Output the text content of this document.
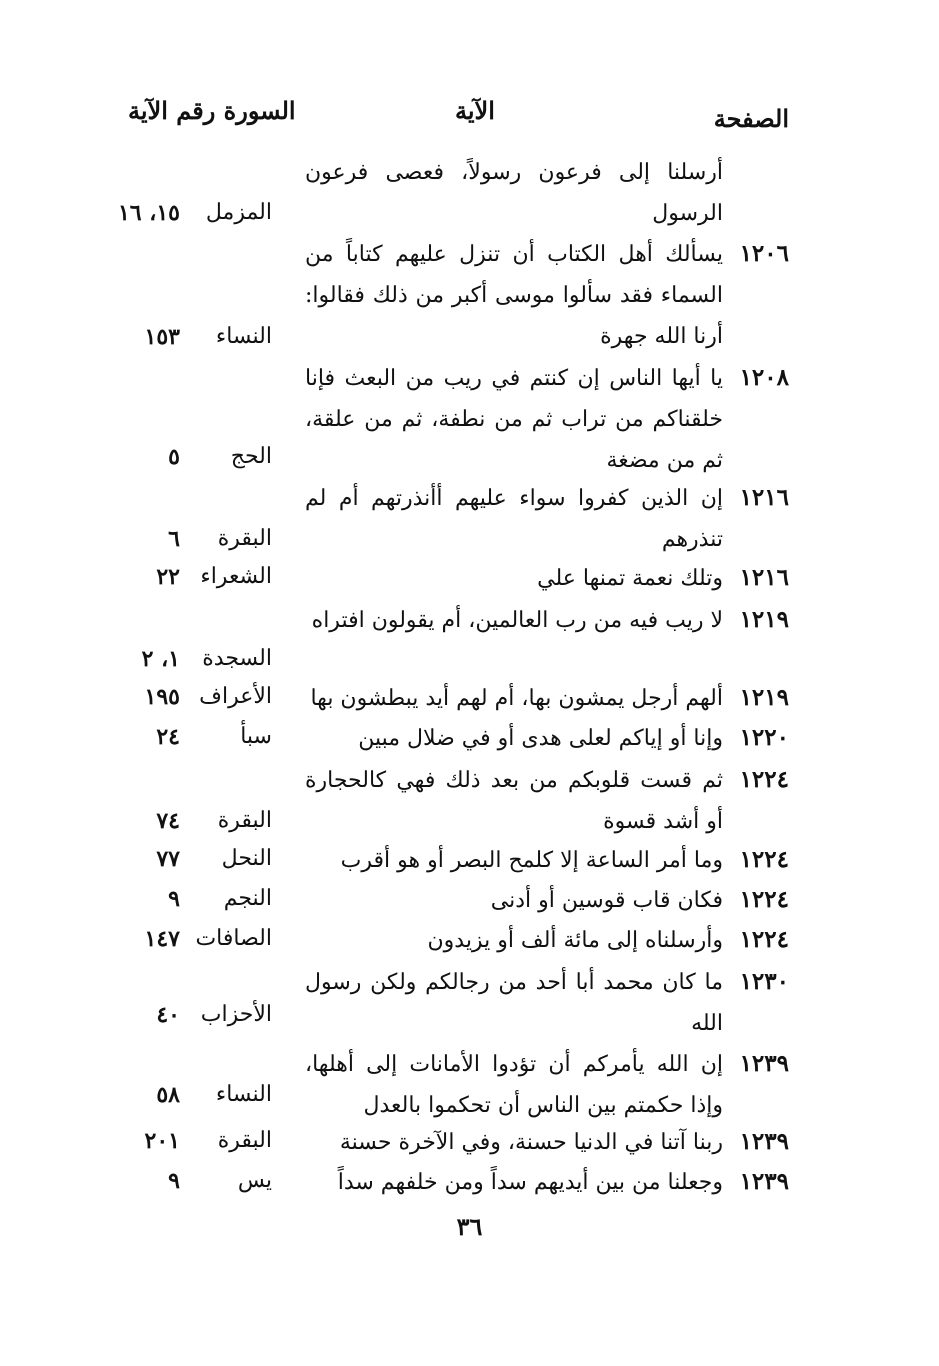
الصفحة
الآية
السورة رقم الآية
أرسلنا إلى فرعون رسولاً، فعصى فرعون الرسول
المزمل
١٥، ١٦
١٢٠٦
يسألك أهل الكتاب أن تنزل عليهم كتاباً من السماء فقد سألوا موسى أكبر من ذلك فقالوا: أرنا الله جهرة
النساء
١٥٣
١٢٠٨
يا أيها الناس إن كنتم في ريب من البعث فإنا خلقناكم من تراب ثم من نطفة، ثم من علقة، ثم من مضغة
الحج
٥
١٢١٦
إن الذين كفروا سواء عليهم أأنذرتهم أم لم تنذرهم
البقرة
٦
١٢١٦
وتلك نعمة تمنها علي
الشعراء
٢٢
١٢١٩
لا ريب فيه من رب العالمين، أم يقولون افتراه
السجدة
١، ٢
١٢١٩
ألهم أرجل يمشون بها، أم لهم أيد يبطشون بها
الأعراف
١٩٥
١٢٢٠
وإنا أو إياكم لعلى هدى أو في ضلال مبين
سبأ
٢٤
١٢٢٤
ثم قست قلوبكم من بعد ذلك فهي كالحجارة أو أشد قسوة
البقرة
٧٤
١٢٢٤
وما أمر الساعة إلا كلمح البصر أو هو أقرب
النحل
٧٧
١٢٢٤
فكان قاب قوسين أو أدنى
النجم
٩
١٢٢٤
وأرسلناه إلى مائة ألف أو يزيدون
الصافات
١٤٧
١٢٣٠
ما كان محمد أبا أحد من رجالكم ولكن رسول الله
الأحزاب
٤٠
١٢٣٩
إن الله يأمركم أن تؤدوا الأمانات إلى أهلها، وإذا حكمتم بين الناس أن تحكموا بالعدل
النساء
٥٨
١٢٣٩
ربنا آتنا في الدنيا حسنة، وفي الآخرة حسنة
البقرة
٢٠١
١٢٣٩
وجعلنا من بين أيديهم سداً ومن خلفهم سداً
يس
٩
٣٦
